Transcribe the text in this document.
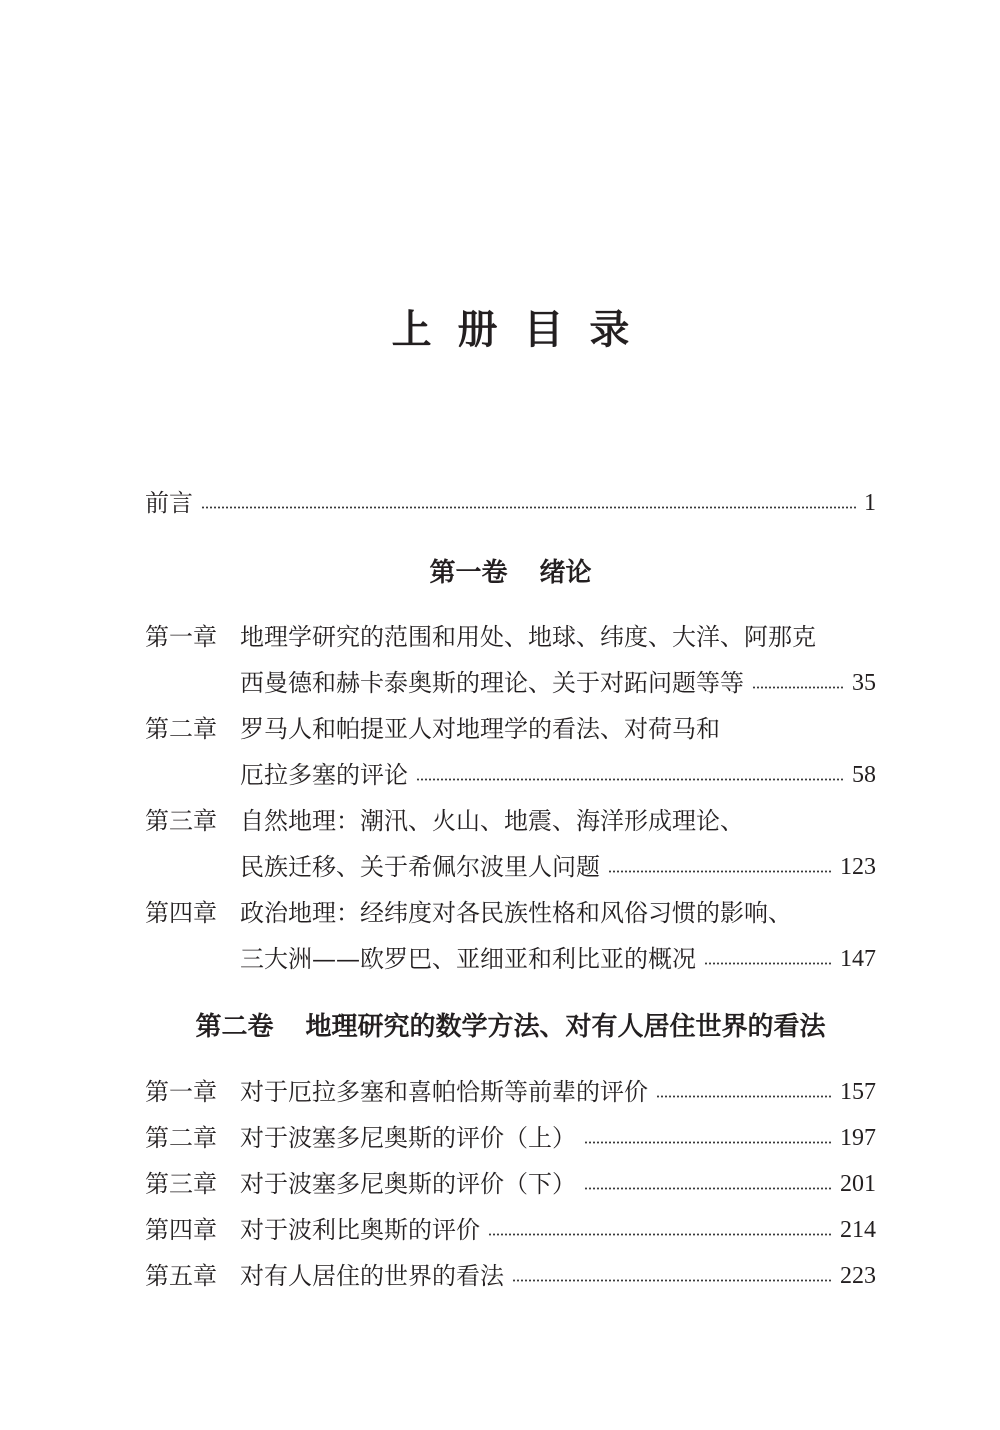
上 册 目 录
前言	1
第一卷 绪论
第一章 地理学研究的范围和用处、地球、纬度、大洋、阿那克
西曼德和赫卡泰奥斯的理论、关于对跖问题等等	35
第二章 罗马人和帕提亚人对地理学的看法、对荷马和
厄拉多塞的评论	58
第三章 自然地理：潮汛、火山、地震、海洋形成理论、
民族迁移、关于希佩尔波里人问题	123
第四章 政治地理：经纬度对各民族性格和风俗习惯的影响、
三大洲——欧罗巴、亚细亚和利比亚的概况	147
第二卷 地理研究的数学方法、对有人居住世界的看法
第一章 对于厄拉多塞和喜帕恰斯等前辈的评价	157
第二章 对于波塞多尼奥斯的评价（上）	197
第三章 对于波塞多尼奥斯的评价（下）	201
第四章 对于波利比奥斯的评价	214
第五章 对有人居住的世界的看法	223
